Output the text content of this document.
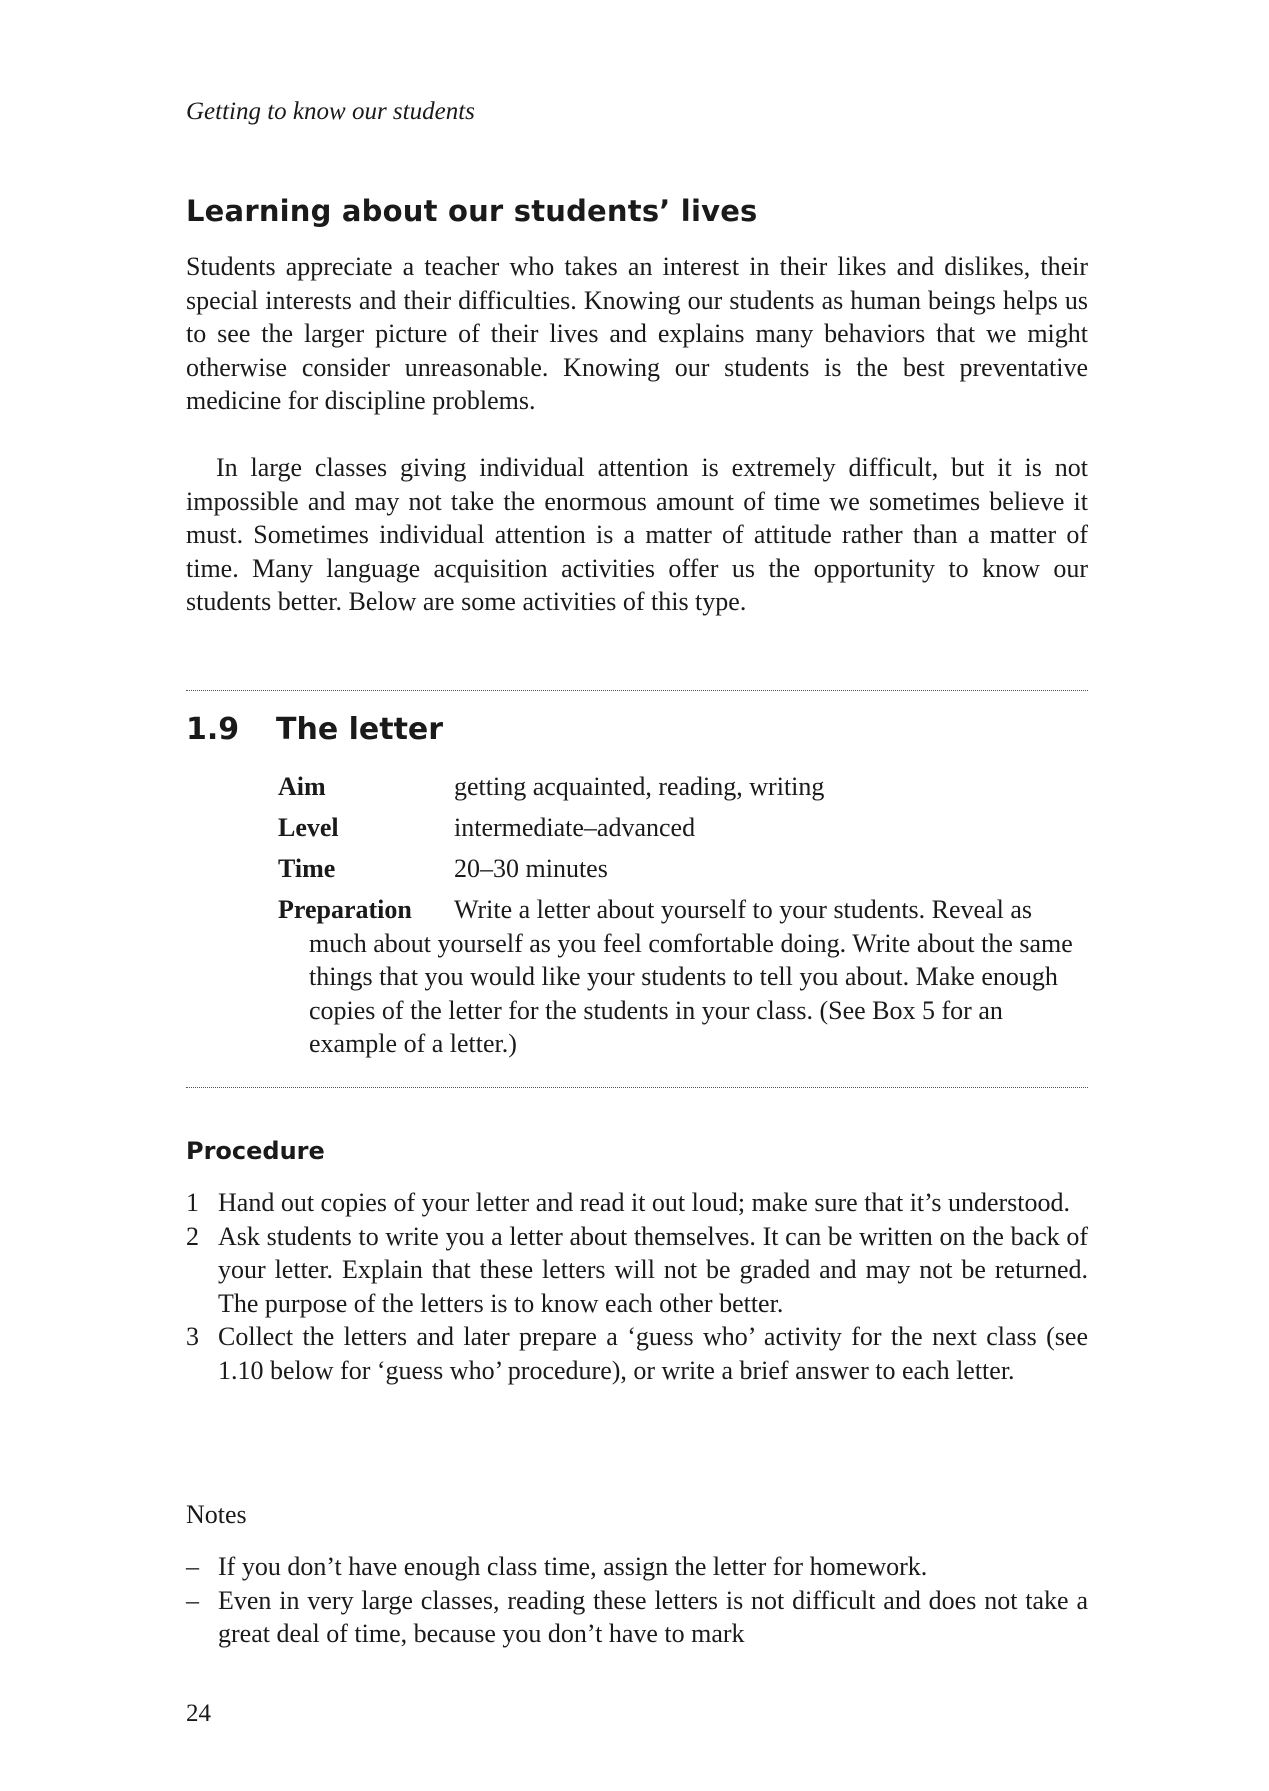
Getting to know our students
Learning about our students’ lives

Students appreciate a teacher who takes an interest in their likes and dislikes, their special interests and their difficulties. Knowing our students as human beings helps us to see the larger picture of their lives and explains many behaviors that we might otherwise consider unreasonable. Knowing our students is the best preventative medicine for discipline problems.

In large classes giving individual attention is extremely difficult, but it is not impossible and may not take the enormous amount of time we sometimes believe it must. Sometimes individual attention is a matter of attitude rather than a matter of time. Many language acquisition activities offer us the opportunity to know our students better. Below are some activities of this type.

1.9 The letter
Aim	getting acquainted, reading, writing
Level	intermediate–advanced
Time	20–30 minutes
Preparation Write a letter about yourself to your students. Reveal as much about yourself as you feel comfortable doing. Write about the same things that you would like your students to tell you about. Make enough copies of the letter for the students in your class. (See Box 5 for an example of a letter.)
Procedure
1 Hand out copies of your letter and read it out loud; make sure that it’s understood.
2 Ask students to write you a letter about themselves. It can be written on the back of your letter. Explain that these letters will not be graded and may not be returned. The purpose of the letters is to know each other better.
3 Collect the letters and later prepare a ‘guess who’ activity for the next class (see 1.10 below for ‘guess who’ procedure), or write a brief answer to each letter.
Notes
– If you don’t have enough class time, assign the letter for homework.
– Even in very large classes, reading these letters is not difficult and does not take a great deal of time, because you don’t have to mark
24
